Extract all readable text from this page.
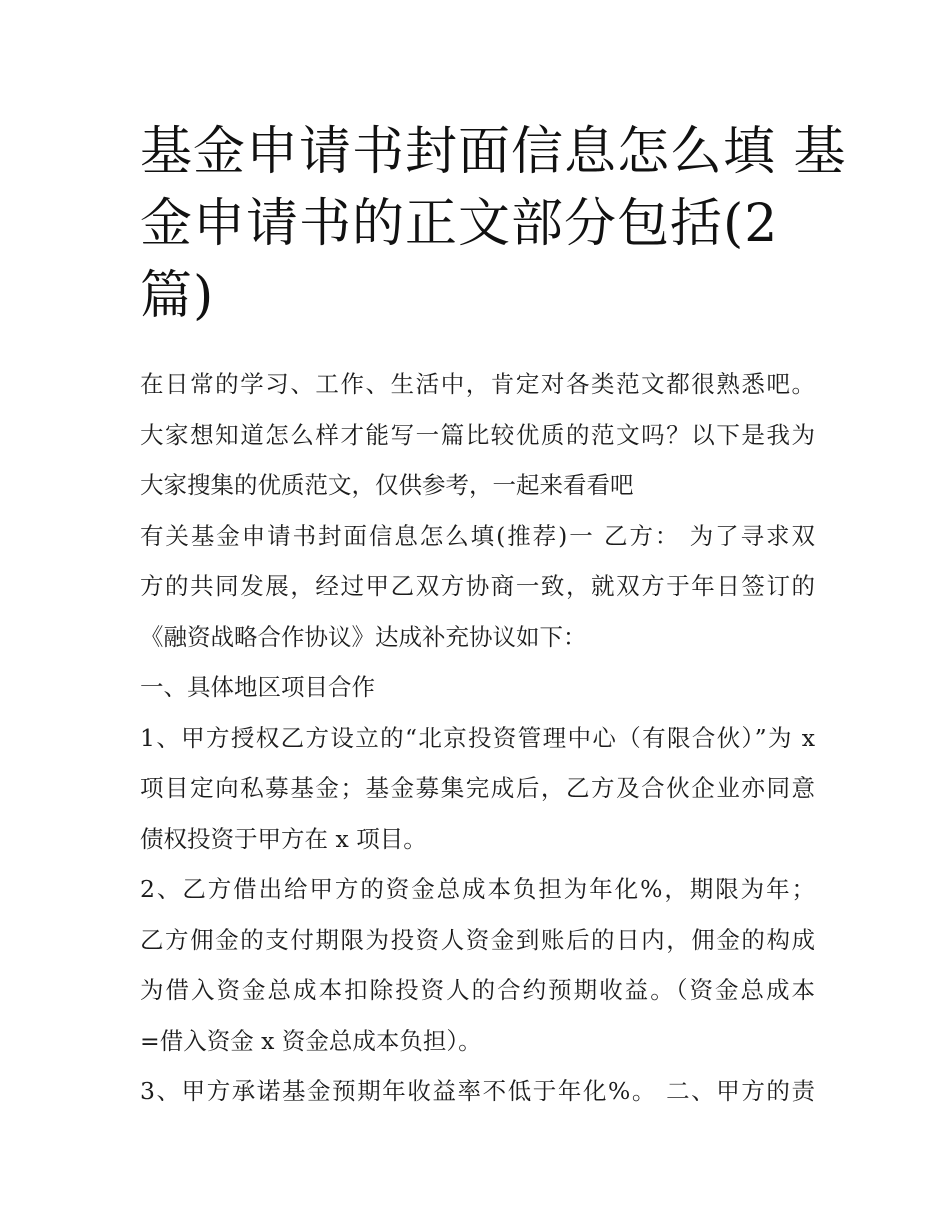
基金申请书封面信息怎么填 基
金申请书的正文部分包括(2
篇)
在日常的学习、工作、生活中，肯定对各类范文都很熟悉吧。
大家想知道怎么样才能写一篇比较优质的范文吗？以下是我为
大家搜集的优质范文，仅供参考，一起来看看吧
有关基金申请书封面信息怎么填(推荐)一 乙方： 为了寻求双
方的共同发展，经过甲乙双方协商一致，就双方于年日签订的
《融资战略合作协议》达成补充协议如下：
一、具体地区项目合作
1、甲方授权乙方设立的“北京投资管理中心（有限合伙）”为 x
项目定向私募基金；基金募集完成后，乙方及合伙企业亦同意
债权投资于甲方在 x 项目。
2、乙方借出给甲方的资金总成本负担为年化%，期限为年；
乙方佣金的支付期限为投资人资金到账后的日内，佣金的构成
为借入资金总成本扣除投资人的合约预期收益。（资金总成本
=借入资金 x 资金总成本负担）。
3、甲方承诺基金预期年收益率不低于年化%。 二、甲方的责
